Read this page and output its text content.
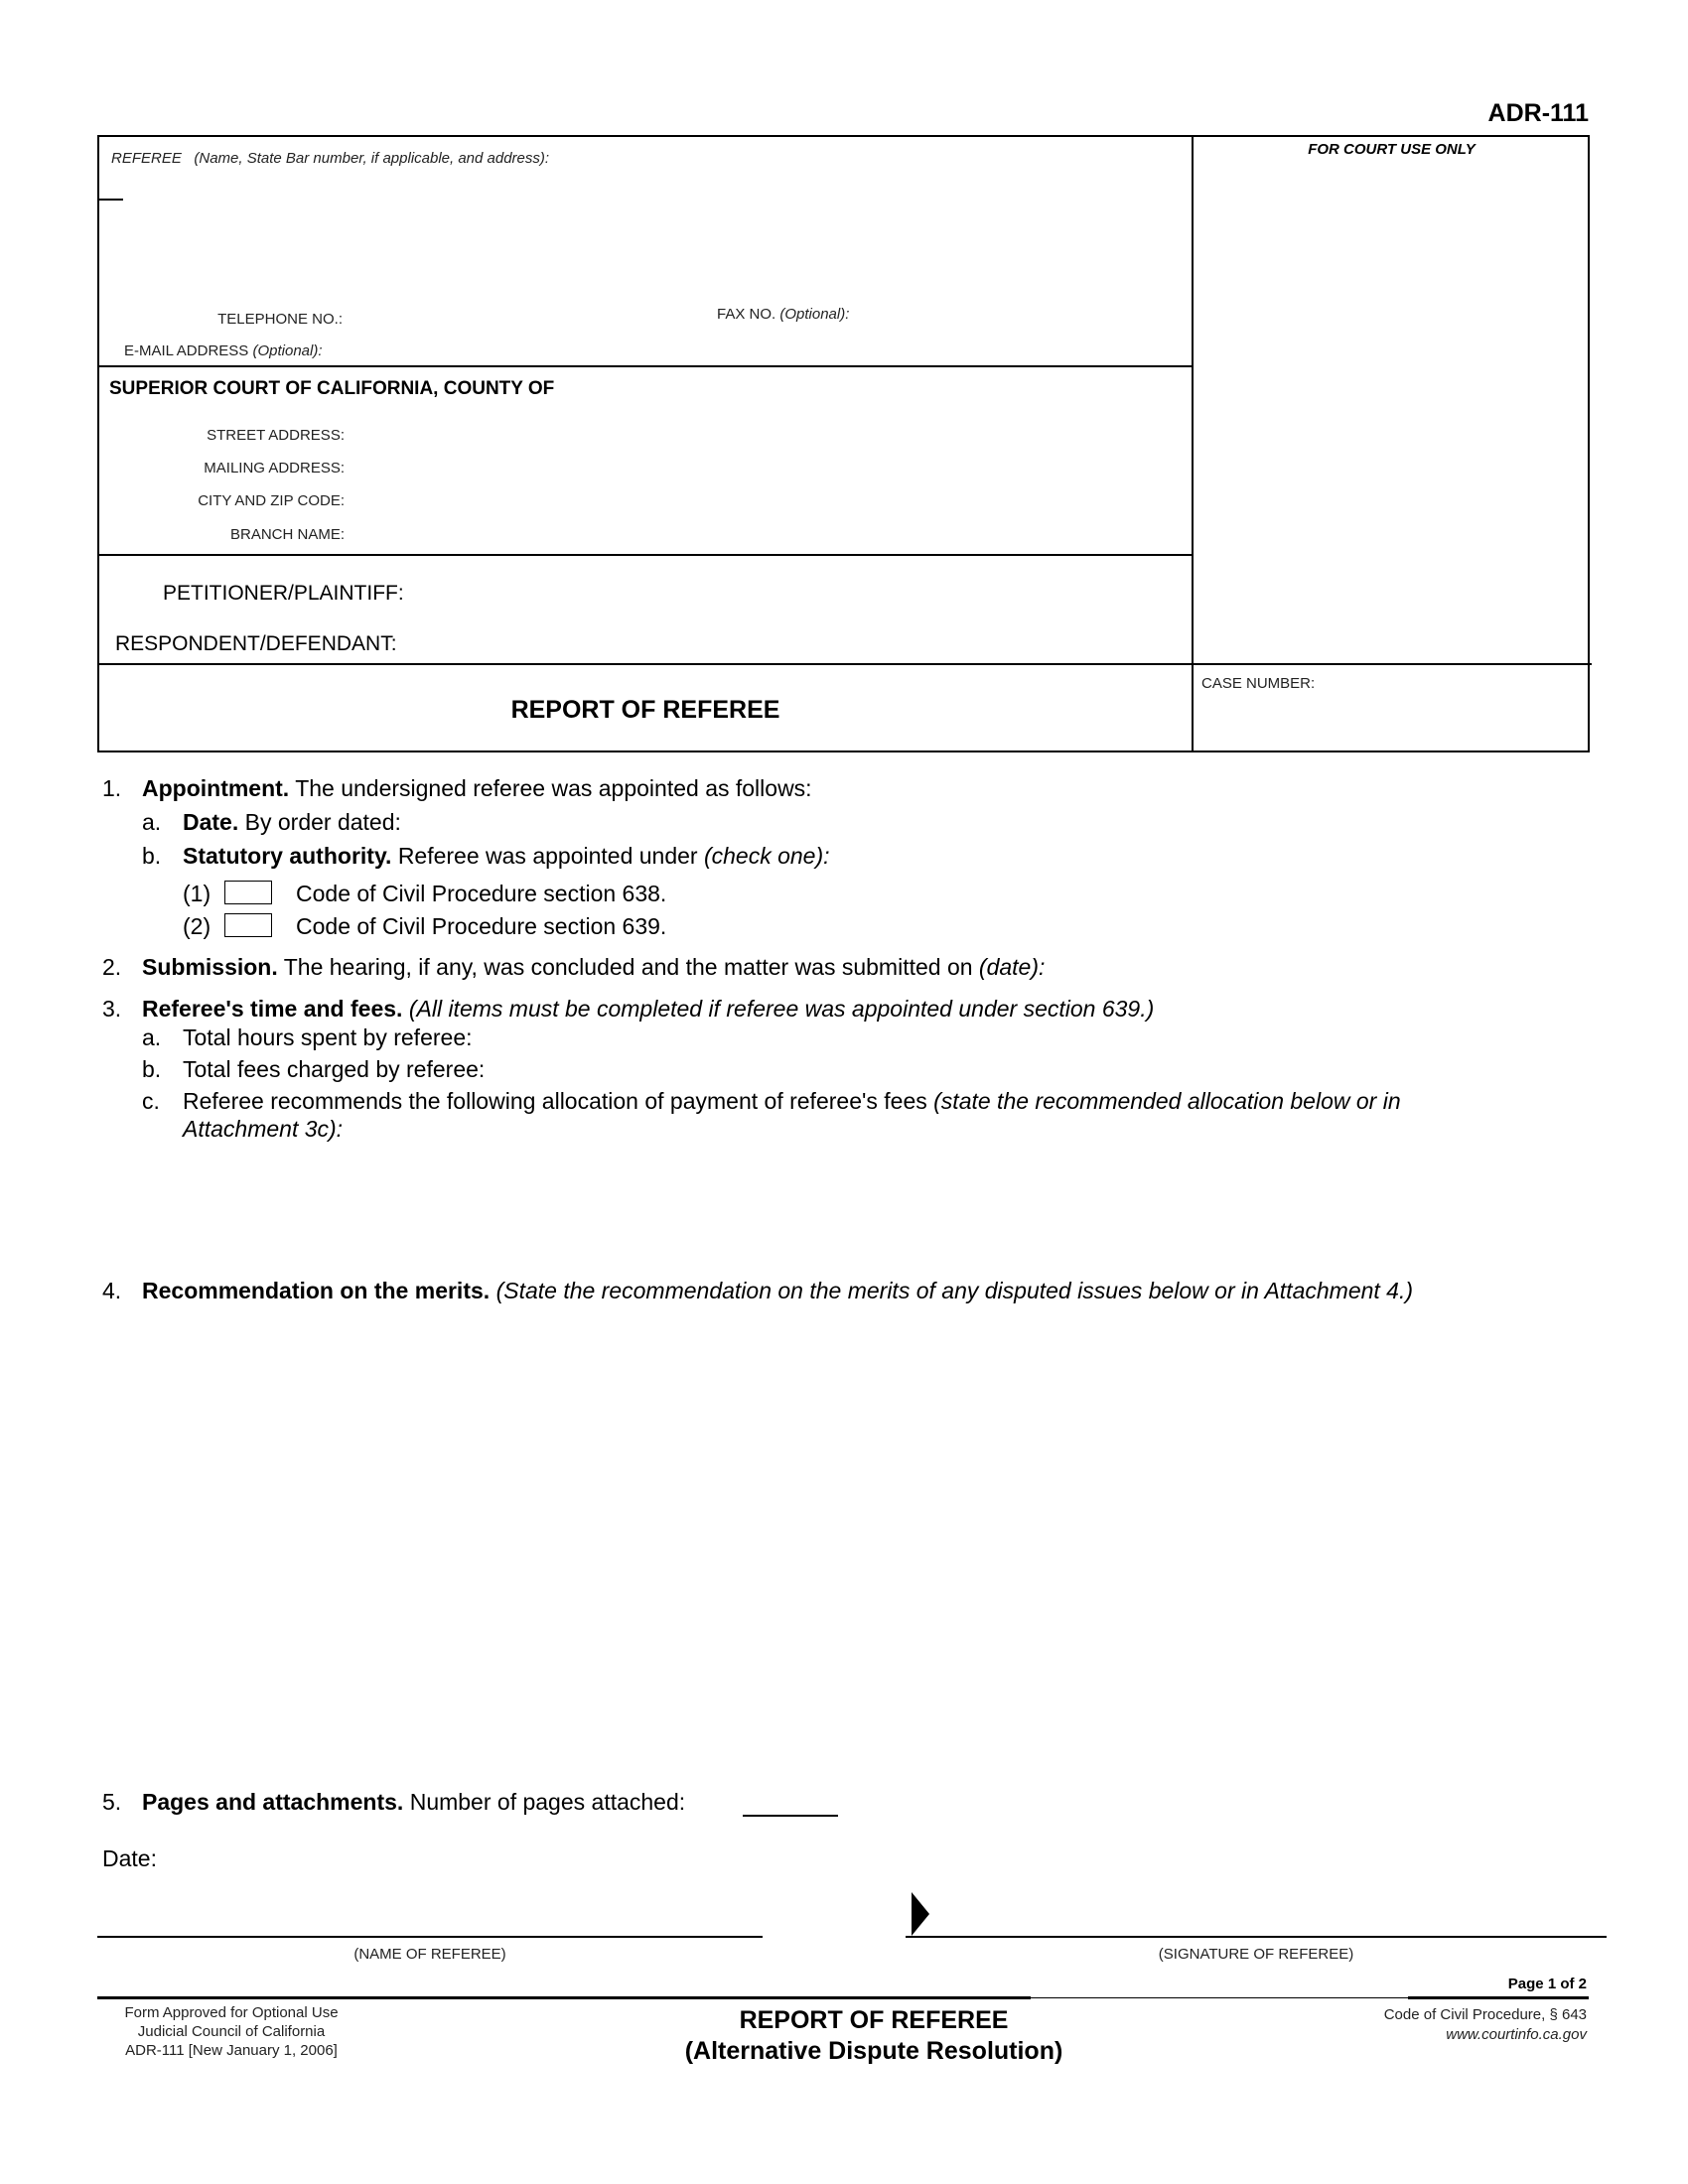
ADR-111
REFEREE (Name, State Bar number, if applicable, and address):
TELEPHONE NO.:	FAX NO. (Optional):
E-MAIL ADDRESS (Optional):
FOR COURT USE ONLY
SUPERIOR COURT OF CALIFORNIA, COUNTY OF
STREET ADDRESS:
MAILING ADDRESS:
CITY AND ZIP CODE:
BRANCH NAME:
PETITIONER/PLAINTIFF:
RESPONDENT/DEFENDANT:
REPORT OF REFEREE
CASE NUMBER:
1. Appointment. The undersigned referee was appointed as follows:
a. Date. By order dated:
b. Statutory authority. Referee was appointed under (check one):
(1)	Code of Civil Procedure section 638.
(2)	Code of Civil Procedure section 639.
2. Submission. The hearing, if any, was concluded and the matter was submitted on (date):
3. Referee's time and fees. (All items must be completed if referee was appointed under section 639.)
a. Total hours spent by referee:
b. Total fees charged by referee:
c. Referee recommends the following allocation of payment of referee's fees (state the recommended allocation below or in
Attachment 3c):
4. Recommendation on the merits. (State the recommendation on the merits of any disputed issues below or in Attachment 4.)
5. Pages and attachments. Number of pages attached:
Date:
(NAME OF REFEREE)	(SIGNATURE OF REFEREE)
Page 1 of 2
Form Approved for Optional Use
Judicial Council of California
ADR-111 [New January 1, 2006]
REPORT OF REFEREE
(Alternative Dispute Resolution)
Code of Civil Procedure, § 643
www.courtinfo.ca.gov
